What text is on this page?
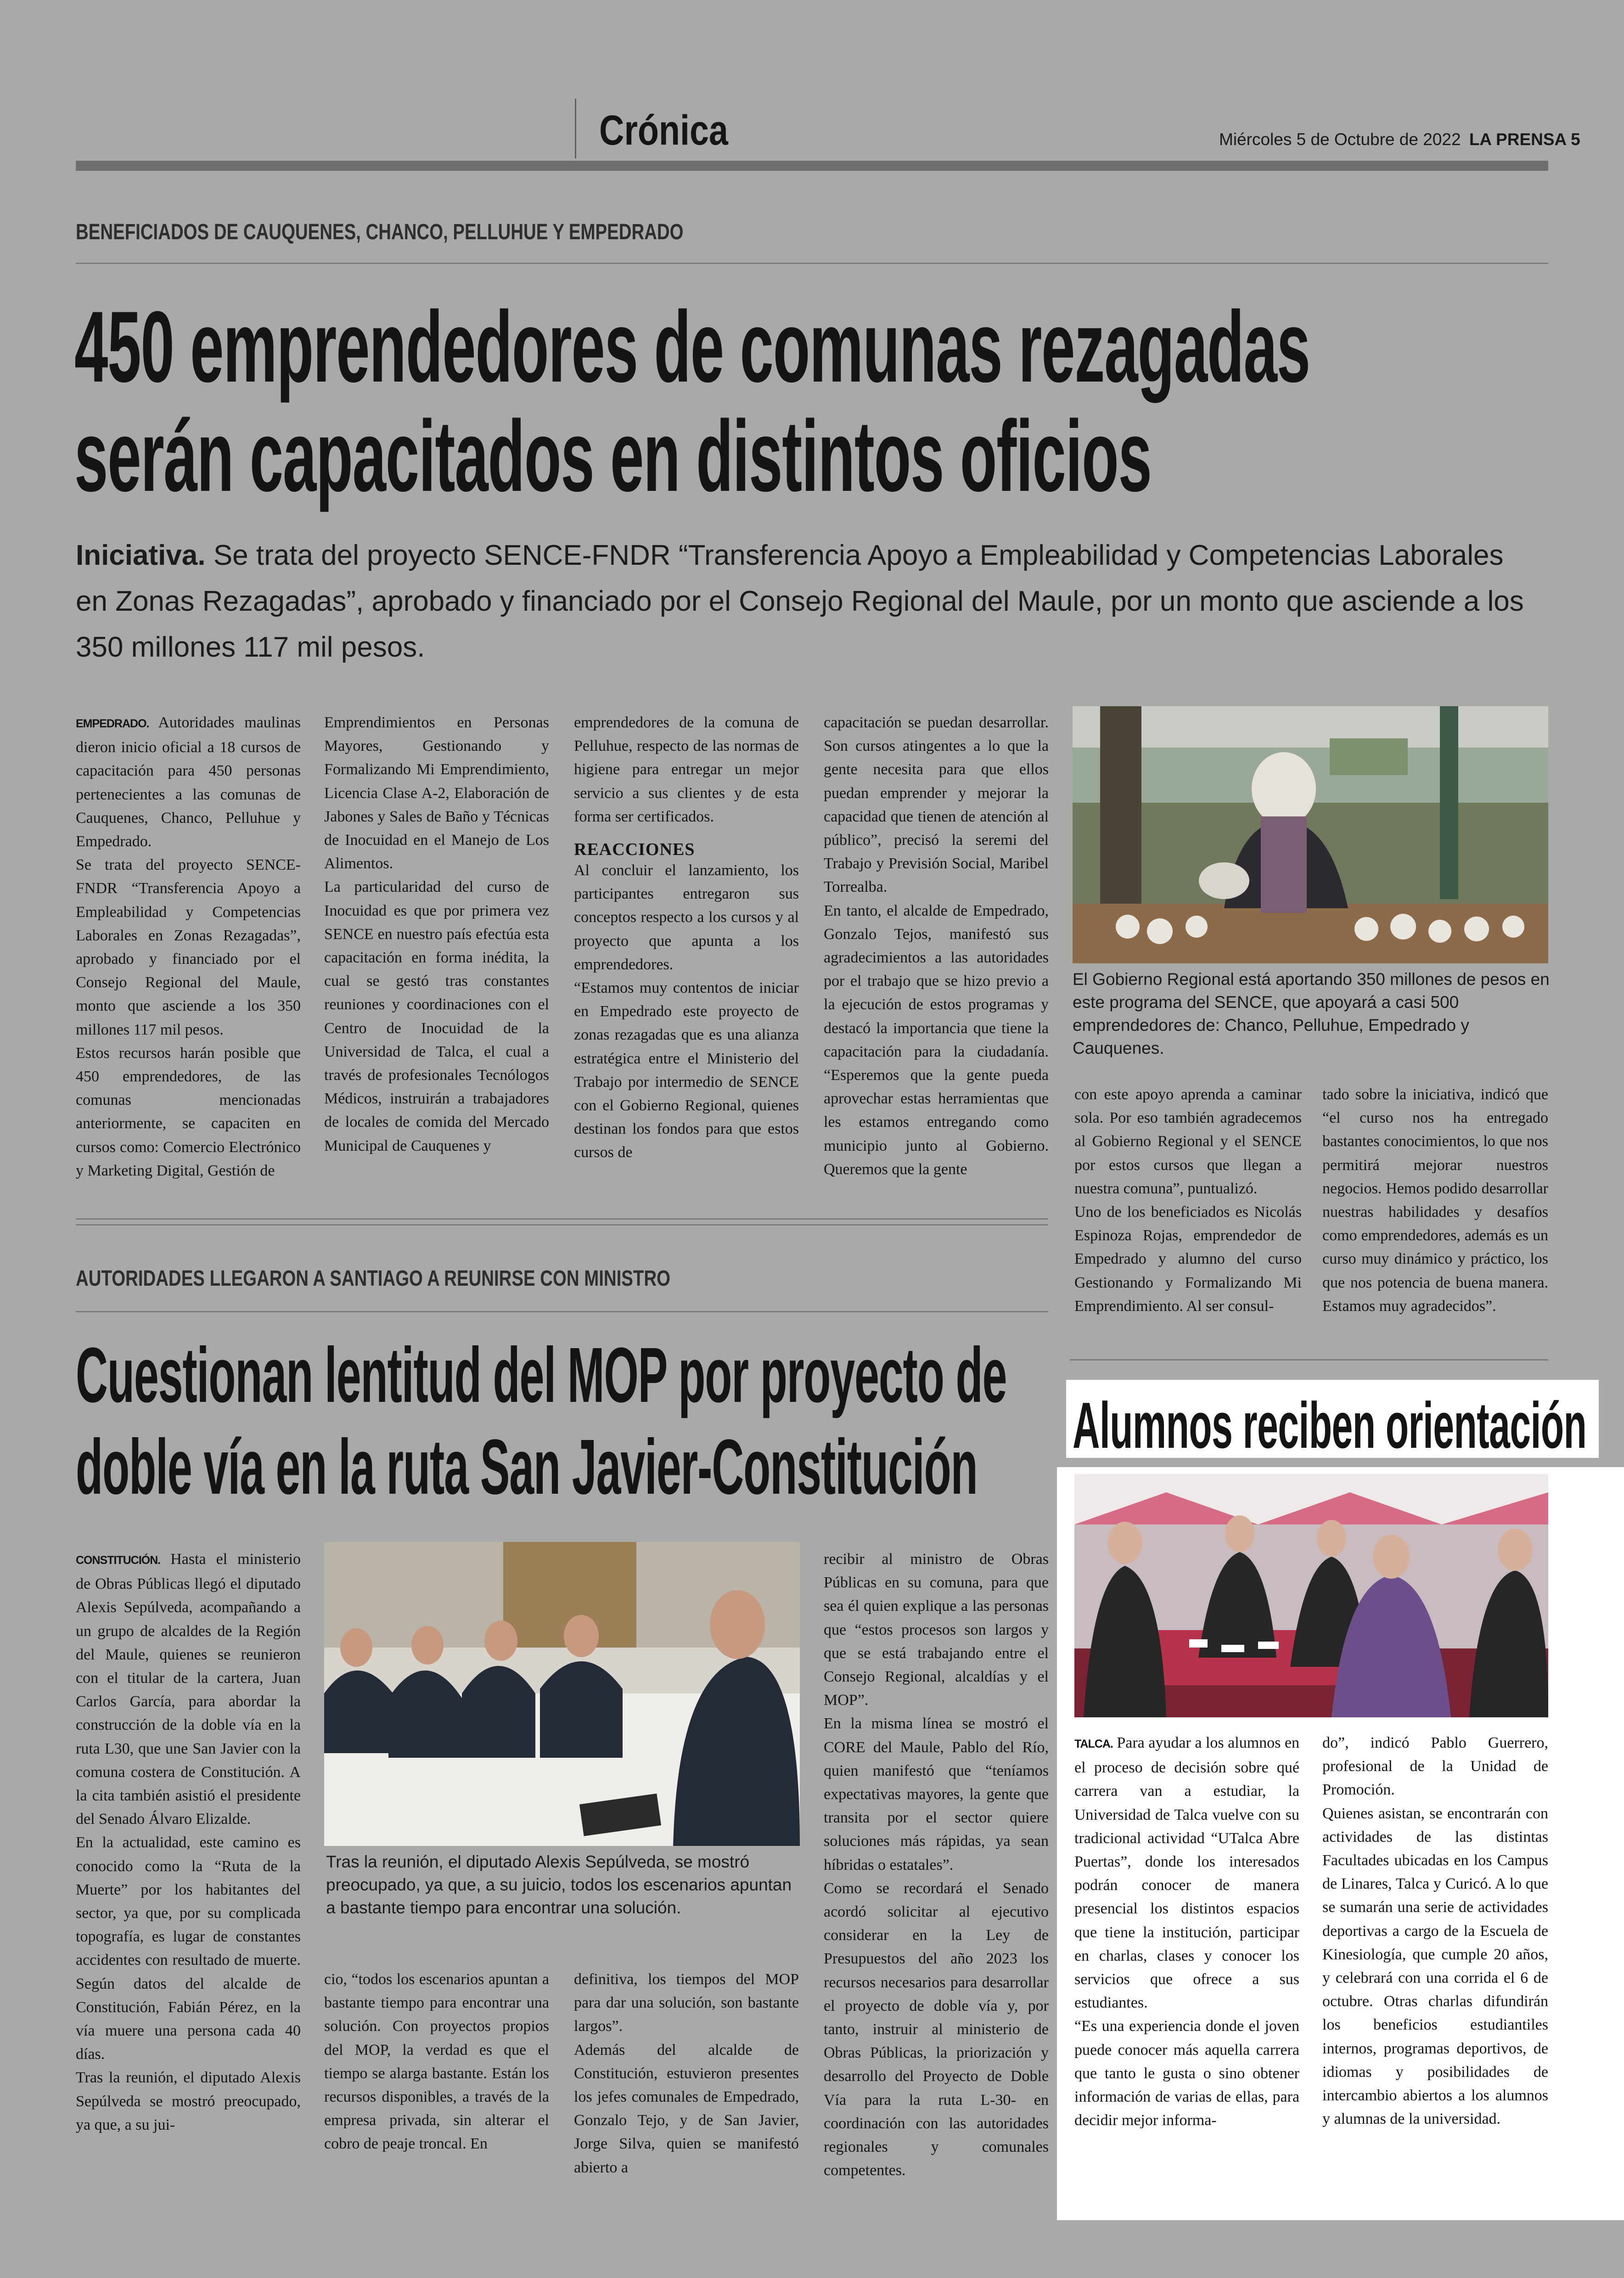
Crónica	Miércoles 5 de Octubre de 2022 LA PRENSA 5
BENEFICIADOS DE CAUQUENES, CHANCO, PELLUHUE Y EMPEDRADO
450 emprendedores de comunas rezagadas
serán capacitados en distintos oficios
Iniciativa. Se trata del proyecto SENCE-FNDR “Transferencia Apoyo a Empleabilidad y Competencias Laborales en Zonas Rezagadas”, aprobado y financiado por el Consejo Regional del Maule, por un monto que asciende a los 350 millones 117 mil pesos.

EMPEDRADO. Autoridades maulinas dieron inicio oficial a 18 cursos de capacitación para 450 personas pertenecientes a las comunas de Cauquenes, Chanco, Pelluhue y Empedrado.

Se trata del proyecto SENCE-FNDR “Transferencia Apoyo a Empleabilidad y Competencias Laborales en Zonas Rezagadas”, aprobado y financiado por el Consejo Regional del Maule, monto que asciende a los 350 millones 117 mil pesos.

Estos recursos harán posible que 450 emprendedores, de las comunas mencionadas anteriormente, se capaciten en cursos como: Comercio Electrónico y Marketing Digital, Gestión de

Emprendimientos en Personas Mayores, Gestionando y Formalizando Mi Emprendimiento, Licencia Clase A-2, Elaboración de Jabones y Sales de Baño y Técnicas de Inocuidad en el Manejo de Los Alimentos.

La particularidad del curso de Inocuidad es que por primera vez SENCE en nuestro país efectúa esta capacitación en forma inédita, la cual se gestó tras constantes reuniones y coordinaciones con el Centro de Inocuidad de la Universidad de Talca, el cual a través de profesionales Tecnólogos Médicos, instruirán a trabajadores de locales de comida del Mercado Municipal de Cauquenes y

emprendedores de la comuna de Pelluhue, respecto de las normas de higiene para entregar un mejor servicio a sus clientes y de esta forma ser certificados.

REACCIONES

Al concluir el lanzamiento, los participantes entregaron sus conceptos respecto a los cursos y al proyecto que apunta a los emprendedores.

“Estamos muy contentos de iniciar en Empedrado este proyecto de zonas rezagadas que es una alianza estratégica entre el Ministerio del Trabajo por intermedio de SENCE con el Gobierno Regional, quienes destinan los fondos para que estos cursos de

capacitación se puedan desarrollar. Son cursos atingentes a lo que la gente necesita para que ellos puedan emprender y mejorar la capacidad que tienen de atención al público”, precisó la seremi del Trabajo y Previsión Social, Maribel Torrealba.

En tanto, el alcalde de Empedrado, Gonzalo Tejos, manifestó sus agradecimientos a las autoridades por el trabajo que se hizo previo a la ejecución de estos programas y destacó la importancia que tiene la capacitación para la ciudadanía. “Esperemos que la gente pueda aprovechar estas herramientas que les estamos entregando como municipio junto al Gobierno. Queremos que la gente

El Gobierno Regional está aportando 350 millones de pesos en este programa del SENCE, que apoyará a casi 500 emprendedores de: Chanco, Pelluhue, Empedrado y Cauquenes.

con este apoyo aprenda a caminar sola. Por eso también agradecemos al Gobierno Regional y el SENCE por estos cursos que llegan a nuestra comuna”, puntualizó.

Uno de los beneficiados es Nicolás Espinoza Rojas, emprendedor de Empedrado y alumno del curso Gestionando y Formalizando Mi Emprendimiento. Al ser consul-

tado sobre la iniciativa, indicó que “el curso nos ha entregado bastantes conocimientos, lo que nos permitirá mejorar nuestros negocios. Hemos podido desarrollar nuestras habilidades y desafíos como emprendedores, además es un curso muy dinámico y práctico, los que nos potencia de buena manera. Estamos muy agradecidos”.

AUTORIDADES LLEGARON A SANTIAGO A REUNIRSE CON MINISTRO
Cuestionan lentitud del MOP por proyecto de
doble vía en la ruta San Javier-Constitución

CONSTITUCIÓN. Hasta el ministerio de Obras Públicas llegó el diputado Alexis Sepúlveda, acompañando a un grupo de alcaldes de la Región del Maule, quienes se reunieron con el titular de la cartera, Juan Carlos García, para abordar la construcción de la doble vía en la ruta L30, que une San Javier con la comuna costera de Constitución. A la cita también asistió el presidente del Senado Álvaro Elizalde.

En la actualidad, este camino es conocido como la “Ruta de la Muerte” por los habitantes del sector, ya que, por su complicada topografía, es lugar de constantes accidentes con resultado de muerte. Según datos del alcalde de Constitución, Fabián Pérez, en la vía muere una persona cada 40 días.

Tras la reunión, el diputado Alexis Sepúlveda se mostró preocupado, ya que, a su jui-

Tras la reunión, el diputado Alexis Sepúlveda, se mostró preocupado, ya que, a su juicio, todos los escenarios apuntan a bastante tiempo para encontrar una solución.

cio, “todos los escenarios apuntan a bastante tiempo para encontrar una solución. Con proyectos propios del MOP, la verdad es que el tiempo se alarga bastante. Están los recursos disponibles, a través de la empresa privada, sin alterar el cobro de peaje troncal. En

definitiva, los tiempos del MOP para dar una solución, son bastante largos”.

Además del alcalde de Constitución, estuvieron presentes los jefes comunales de Empedrado, Gonzalo Tejo, y de San Javier, Jorge Silva, quien se manifestó abierto a

recibir al ministro de Obras Públicas en su comuna, para que sea él quien explique a las personas que “estos procesos son largos y que se está trabajando entre el Consejo Regional, alcaldías y el MOP”.

En la misma línea se mostró el CORE del Maule, Pablo del Río, quien manifestó que “teníamos expectativas mayores, la gente que transita por el sector quiere soluciones más rápidas, ya sean híbridas o estatales”.

Como se recordará el Senado acordó solicitar al ejecutivo considerar en la Ley de Presupuestos del año 2023 los recursos necesarios para desarrollar el proyecto de doble vía y, por tanto, instruir al ministerio de Obras Públicas, la priorización y desarrollo del Proyecto de Doble Vía para la ruta L-30- en coordinación con las autoridades regionales y comunales competentes.

Alumnos reciben orientación

TALCA. Para ayudar a los alumnos en el proceso de decisión sobre qué carrera van a estudiar, la Universidad de Talca vuelve con su tradicional actividad “UTalca Abre Puertas”, donde los interesados podrán conocer de manera presencial los distintos espacios que tiene la institución, participar en charlas, clases y conocer los servicios que ofrece a sus estudiantes.

“Es una experiencia donde el joven puede conocer más aquella carrera que tanto le gusta o sino obtener información de varias de ellas, para decidir mejor informa-

do”, indicó Pablo Guerrero, profesional de la Unidad de Promoción.

Quienes asistan, se encontrarán con actividades de las distintas Facultades ubicadas en los Campus de Linares, Talca y Curicó. A lo que se sumarán una serie de actividades deportivas a cargo de la Escuela de Kinesiología, que cumple 20 años, y celebrará con una corrida el 6 de octubre. Otras charlas difundirán los beneficios estudiantiles internos, programas deportivos, de idiomas y posibilidades de intercambio abiertos a los alumnos y alumnas de la universidad.
